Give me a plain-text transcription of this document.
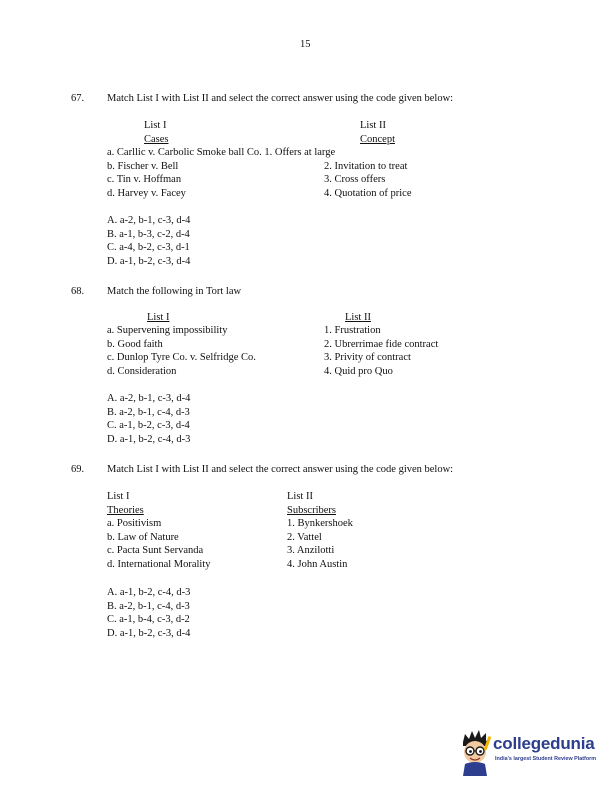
15
67. Match List I with List II and select the correct answer using the code given below:
List I
Cases
List II
Concept
a. Carllic v. Carbolic Smoke ball Co. 1. Offers at large
b. Fischer v. Bell
c. Tin v. Hoffman
d. Harvey v. Facey
2. Invitation to treat
3. Cross offers
4. Quotation of price
A. a-2, b-1, c-3, d-4
B. a-1, b-3, c-2, d-4
C. a-4, b-2, c-3, d-1
D. a-1, b-2, c-3, d-4
68. Match the following in Tort law
List I	List II
a. Supervening impossibility
b. Good faith
c. Dunlop Tyre Co. v. Selfridge Co.
d. Consideration
1. Frustration
2. Ubrerrimae fide contract
3. Privity of contract
4. Quid pro Quo
A. a-2, b-1, c-3, d-4
B. a-2, b-1, c-4, d-3
C. a-1, b-2, c-3, d-4
D. a-1, b-2, c-4, d-3
69. Match List I with List II and select the correct answer using the code given below:
List I
Theories
List II
Subscribers
a. Positivism
b. Law of Nature
c. Pacta Sunt Servanda
d. International Morality
1. Bynkershoek
2. Vattel
3. Anzilotti
4. John Austin
A. a-1, b-2, c-4, d-3
B. a-2, b-1, c-4, d-3
C. a-1, b-4, c-3, d-2
D. a-1, b-2, c-3, d-4
collegedunia
India's largest Student Review Platform
